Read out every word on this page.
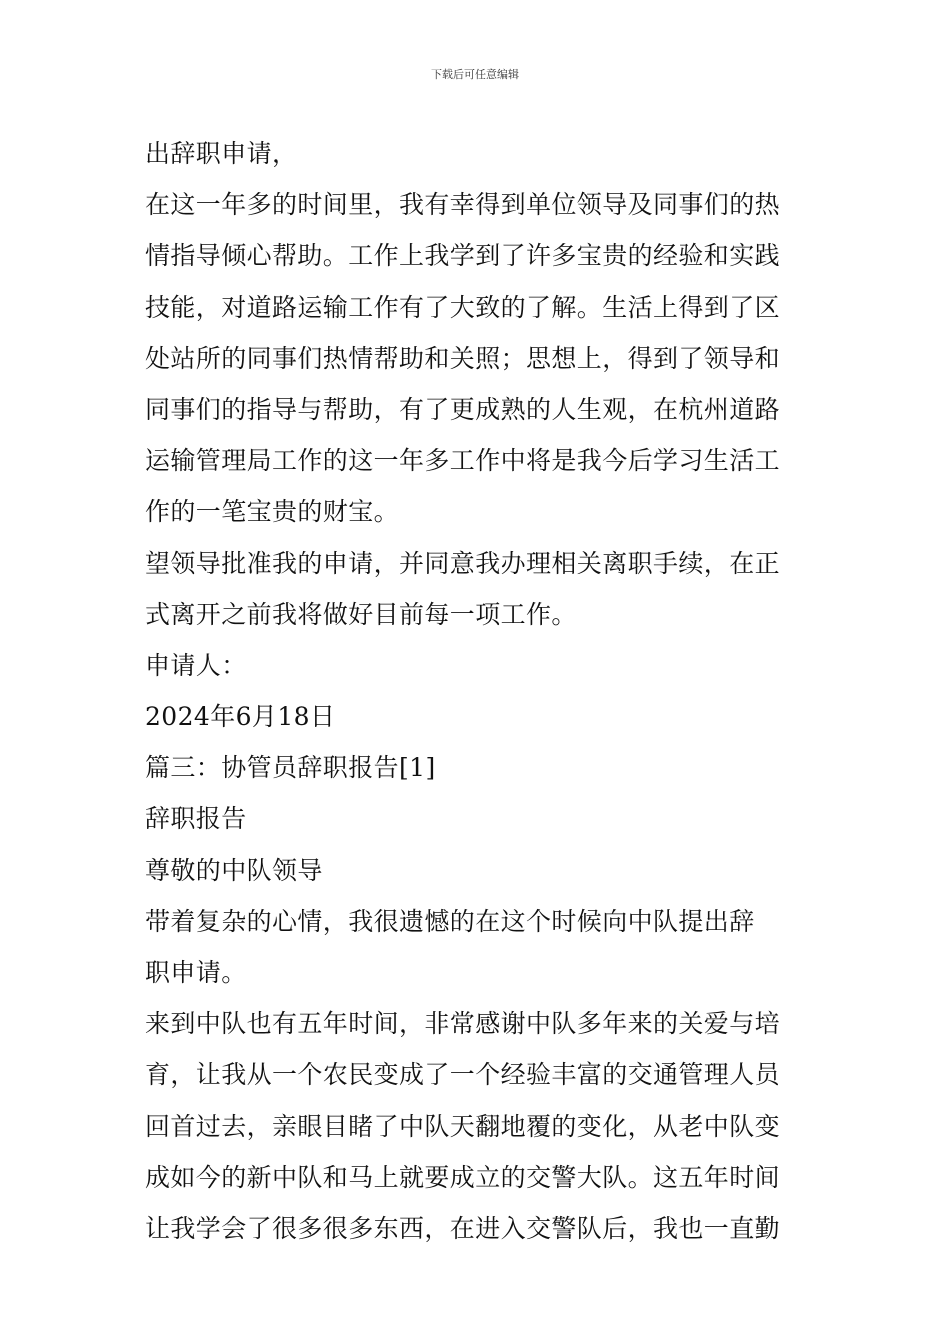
下载后可任意编辑
出辞职申请，
在这一年多的时间里，我有幸得到单位领导及同事们的热
情指导倾心帮助。工作上我学到了许多宝贵的经验和实践
技能，对道路运输工作有了大致的了解。生活上得到了区
处站所的同事们热情帮助和关照；思想上，得到了领导和
同事们的指导与帮助，有了更成熟的人生观，在杭州道路
运输管理局工作的这一年多工作中将是我今后学习生活工
作的一笔宝贵的财宝。
望领导批准我的申请，并同意我办理相关离职手续，在正
式离开之前我将做好目前每一项工作。
申请人：
2024年6月18日
篇三：协管员辞职报告[1]
辞职报告
尊敬的中队领导
带着复杂的心情，我很遗憾的在这个时候向中队提出辞
职申请。
来到中队也有五年时间，非常感谢中队多年来的关爱与培
育，让我从一个农民变成了一个经验丰富的交通管理人员
回首过去，亲眼目睹了中队天翻地覆的变化，从老中队变
成如今的新中队和马上就要成立的交警大队。这五年时间
让我学会了很多很多东西，在进入交警队后，我也一直勤
